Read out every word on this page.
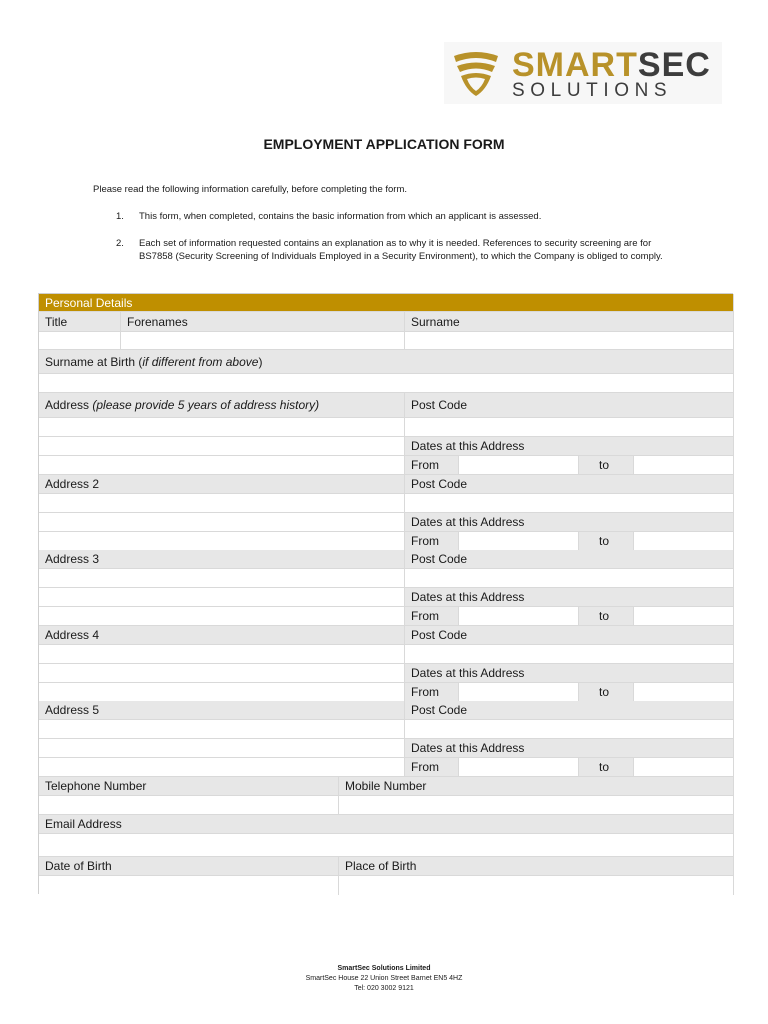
SMARTSEC
SOLUTIONS
EMPLOYMENT APPLICATION FORM
Please read the following information carefully, before completing the form.
1. This form, when completed, contains the basic information from which an applicant is assessed.
2. Each set of information requested contains an explanation as to why it is needed. References to security screening are for BS7858 (Security Screening of Individuals Employed in a Security Environment), to which the Company is obliged to comply.
Personal Details
Title	Forenames	Surname
Surname at Birth ( if different from above )
Address (please provide 5 years of address history)	Post Code
Dates at this Address
From	to
Address 2	Post Code
Dates at this Address
From	to
Address 3	Post Code
Dates at this Address
From	to
Address 4	Post Code
Dates at this Address
From	to
Address 5	Post Code
Dates at this Address
From	to
Telephone Number	Mobile Number
Email Address
Date of Birth	Place of Birth
SmartSec Solutions Limited
SmartSec House 22 Union Street Barnet EN5 4HZ
Tel: 020 3002 9121
